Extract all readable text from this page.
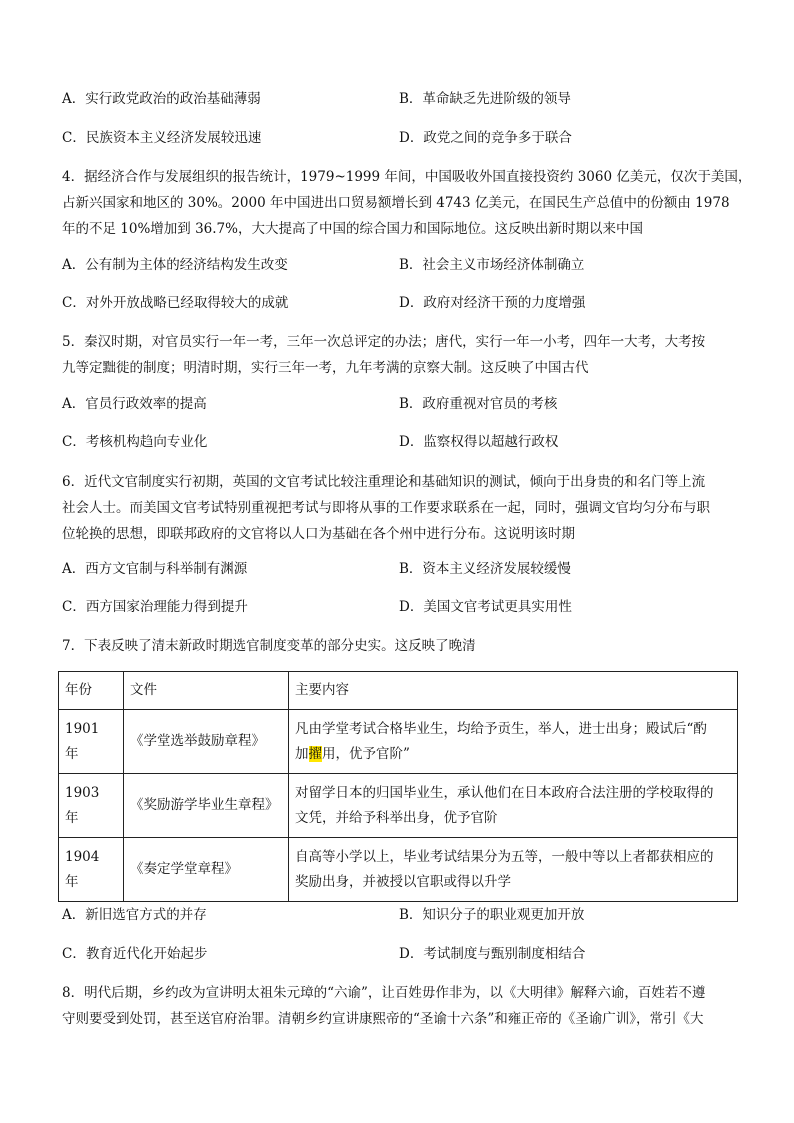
A．实行政党政治的政治基础薄弱	B．革命缺乏先进阶级的领导
C．民族资本主义经济发展较迅速	D．政党之间的竞争多于联合
4．据经济合作与发展组织的报告统计，1979~1999 年间，中国吸收外国直接投资约 3060 亿美元，仅次于美国，
占新兴国家和地区的 30%。2000 年中国进出口贸易额增长到 4743 亿美元，在国民生产总值中的份额由 1978
年的不足 10%增加到 36.7%，大大提高了中国的综合国力和国际地位。这反映出新时期以来中国
A．公有制为主体的经济结构发生改变	B．社会主义市场经济体制确立
C．对外开放战略已经取得较大的成就	D．政府对经济干预的力度增强
5．秦汉时期，对官员实行一年一考，三年一次总评定的办法；唐代，实行一年一小考，四年一大考，大考按
九等定黜徙的制度；明清时期，实行三年一考，九年考满的京察大制。这反映了中国古代
A．官员行政效率的提高	B．政府重视对官员的考核
C．考核机构趋向专业化	D．监察权得以超越行政权
6．近代文官制度实行初期，英国的文官考试比较注重理论和基础知识的测试，倾向于出身贵的和名门等上流
社会人士。而美国文官考试特别重视把考试与即将从事的工作要求联系在一起，同时，强调文官均匀分布与职
位轮换的思想，即联邦政府的文官将以人口为基础在各个州中进行分布。这说明该时期
A．西方文官制与科举制有渊源	B．资本主义经济发展较缓慢
C．西方国家治理能力得到提升	D．美国文官考试更具实用性
7．下表反映了清末新政时期选官制度变革的部分史实。这反映了晚清
年份	文件	主要内容
1901 年	《学堂选举鼓励章程》	凡由学堂考试合格毕业生，均给予贡生，举人，进士出身；殿试后“酌
加擢用，优予官阶”

1903 年	《奖励游学毕业生章程》	对留学日本的归国毕业生，承认他们在日本政府合法注册的学校取得的
文凭，并给予科举出身，优予官阶

1904 年	《奏定学堂章程》	自高等小学以上，毕业考试结果分为五等，一般中等以上者都获相应的
奖励出身，并被授以官职或得以升学
A．新旧选官方式的并存	B．知识分子的职业观更加开放
C．教育近代化开始起步	D．考试制度与甄别制度相结合
8．明代后期，乡约改为宣讲明太祖朱元璋的“六谕”，让百姓毋作非为，以《大明律》解释六谕，百姓若不遵
守则要受到处罚，甚至送官府治罪。清朝乡约宣讲康熙帝的“圣谕十六条”和雍正帝的《圣谕广训》，常引《大
